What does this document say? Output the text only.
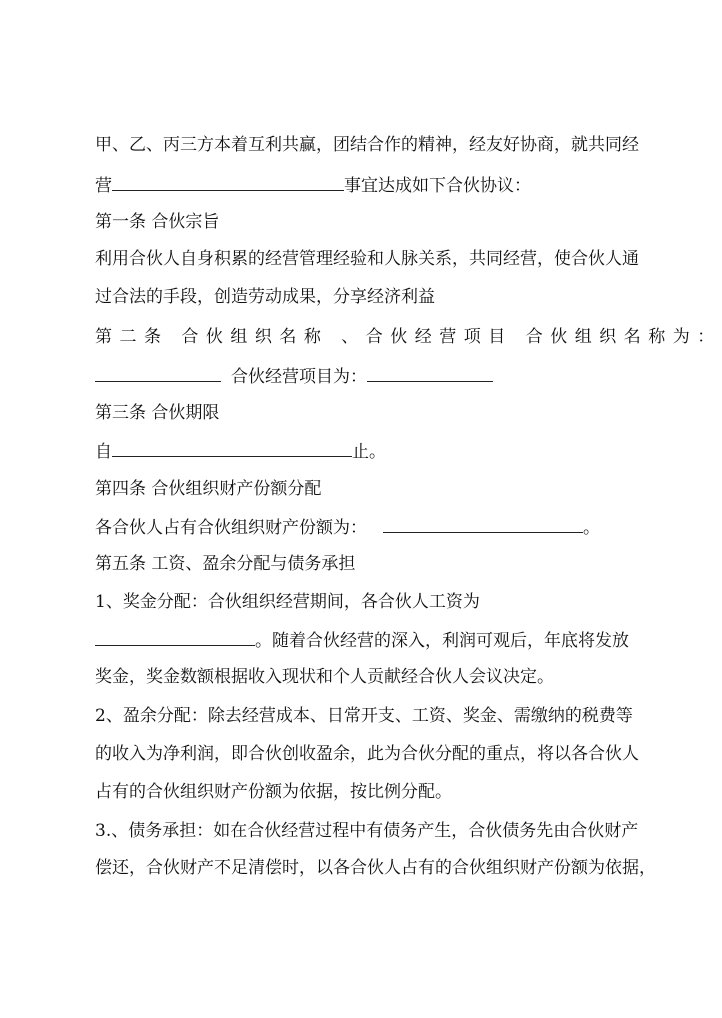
甲、乙、丙三方本着互利共赢，团结合作的精神，经友好协商，就共同经
营	事宜达成如下合伙协议：
第一条 合伙宗旨
利用合伙人自身积累的经营管理经验和人脉关系，共同经营，使合伙人通
过合法的手段，创造劳动成果，分享经济利益
第二条 合伙组织名称 、合伙经营项目 合伙组织名称为：
合伙经营项目为：
第三条 合伙期限
自	止。
第四条 合伙组织财产份额分配
各合伙人占有合伙组织财产份额为：	。
第五条 工资、盈余分配与债务承担
1、奖金分配：合伙组织经营期间，各合伙人工资为
。随着合伙经营的深入，利润可观后，年底将发放
奖金，奖金数额根据收入现状和个人贡献经合伙人会议决定。
2、盈余分配：除去经营成本、日常开支、工资、奖金、需缴纳的税费等
的收入为净利润，即合伙创收盈余，此为合伙分配的重点，将以各合伙人
占有的合伙组织财产份额为依据，按比例分配。
3.、债务承担：如在合伙经营过程中有债务产生，合伙债务先由合伙财产
偿还，合伙财产不足清偿时，以各合伙人占有的合伙组织财产份额为依据，
